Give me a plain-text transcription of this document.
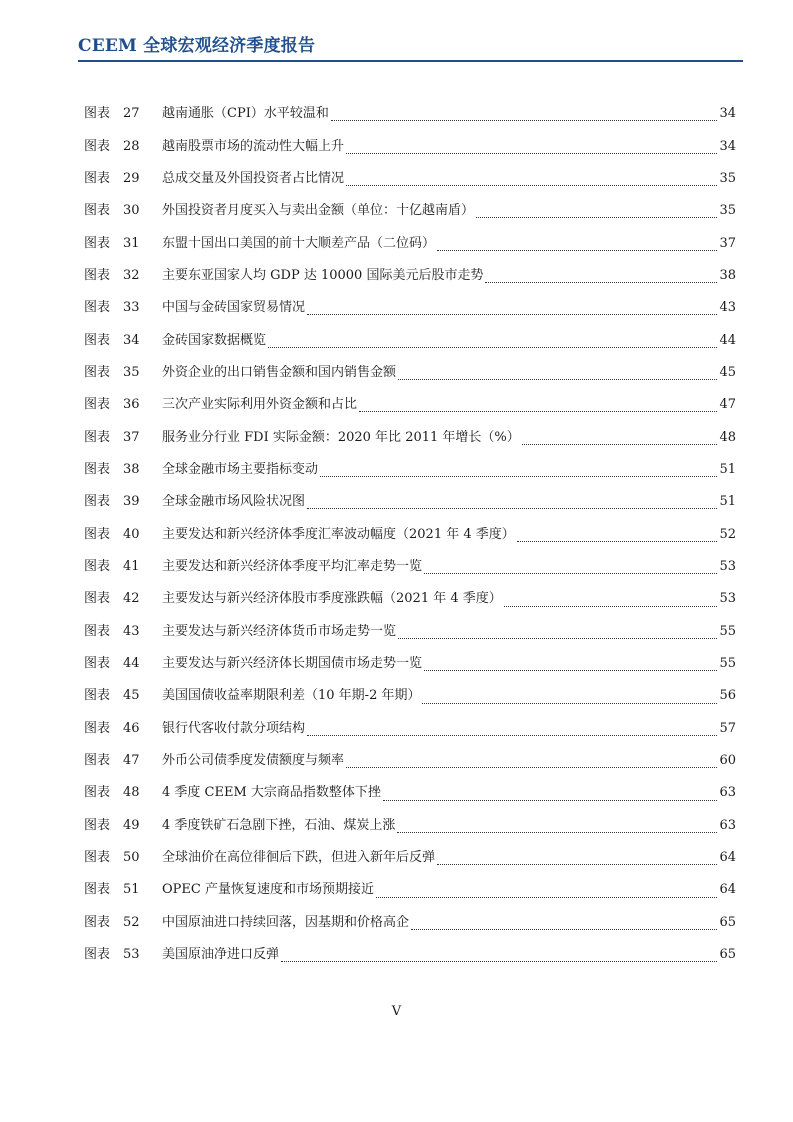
CEEM 全球宏观经济季度报告
图表 27 越南通胀（CPI）水平较温和	34
图表 28 越南股票市场的流动性大幅上升	34
图表 29 总成交量及外国投资者占比情况	35
图表 30 外国投资者月度买入与卖出金额（单位：十亿越南盾）	35
图表 31 东盟十国出口美国的前十大顺差产品（二位码）	37
图表 32 主要东亚国家人均 GDP 达 10000 国际美元后股市走势	38
图表 33 中国与金砖国家贸易情况	43
图表 34 金砖国家数据概览	44
图表 35 外资企业的出口销售金额和国内销售金额	45
图表 36 三次产业实际利用外资金额和占比	47
图表 37 服务业分行业 FDI 实际金额：2020 年比 2011 年增长（%）	48
图表 38 全球金融市场主要指标变动	51
图表 39 全球金融市场风险状况图	51
图表 40 主要发达和新兴经济体季度汇率波动幅度（2021 年 4 季度）	52
图表 41 主要发达和新兴经济体季度平均汇率走势一览	53
图表 42 主要发达与新兴经济体股市季度涨跌幅（2021 年 4 季度）	53
图表 43 主要发达与新兴经济体货币市场走势一览	55
图表 44 主要发达与新兴经济体长期国债市场走势一览	55
图表 45 美国国债收益率期限利差（10 年期-2 年期）	56
图表 46 银行代客收付款分项结构	57
图表 47 外币公司债季度发债额度与频率	60
图表 48 4 季度 CEEM 大宗商品指数整体下挫	63
图表 49 4 季度铁矿石急剧下挫，石油、煤炭上涨	63
图表 50 全球油价在高位徘徊后下跌，但进入新年后反弹	64
图表 51 OPEC 产量恢复速度和市场预期接近	64
图表 52 中国原油进口持续回落，因基期和价格高企	65
图表 53 美国原油净进口反弹	65
V
